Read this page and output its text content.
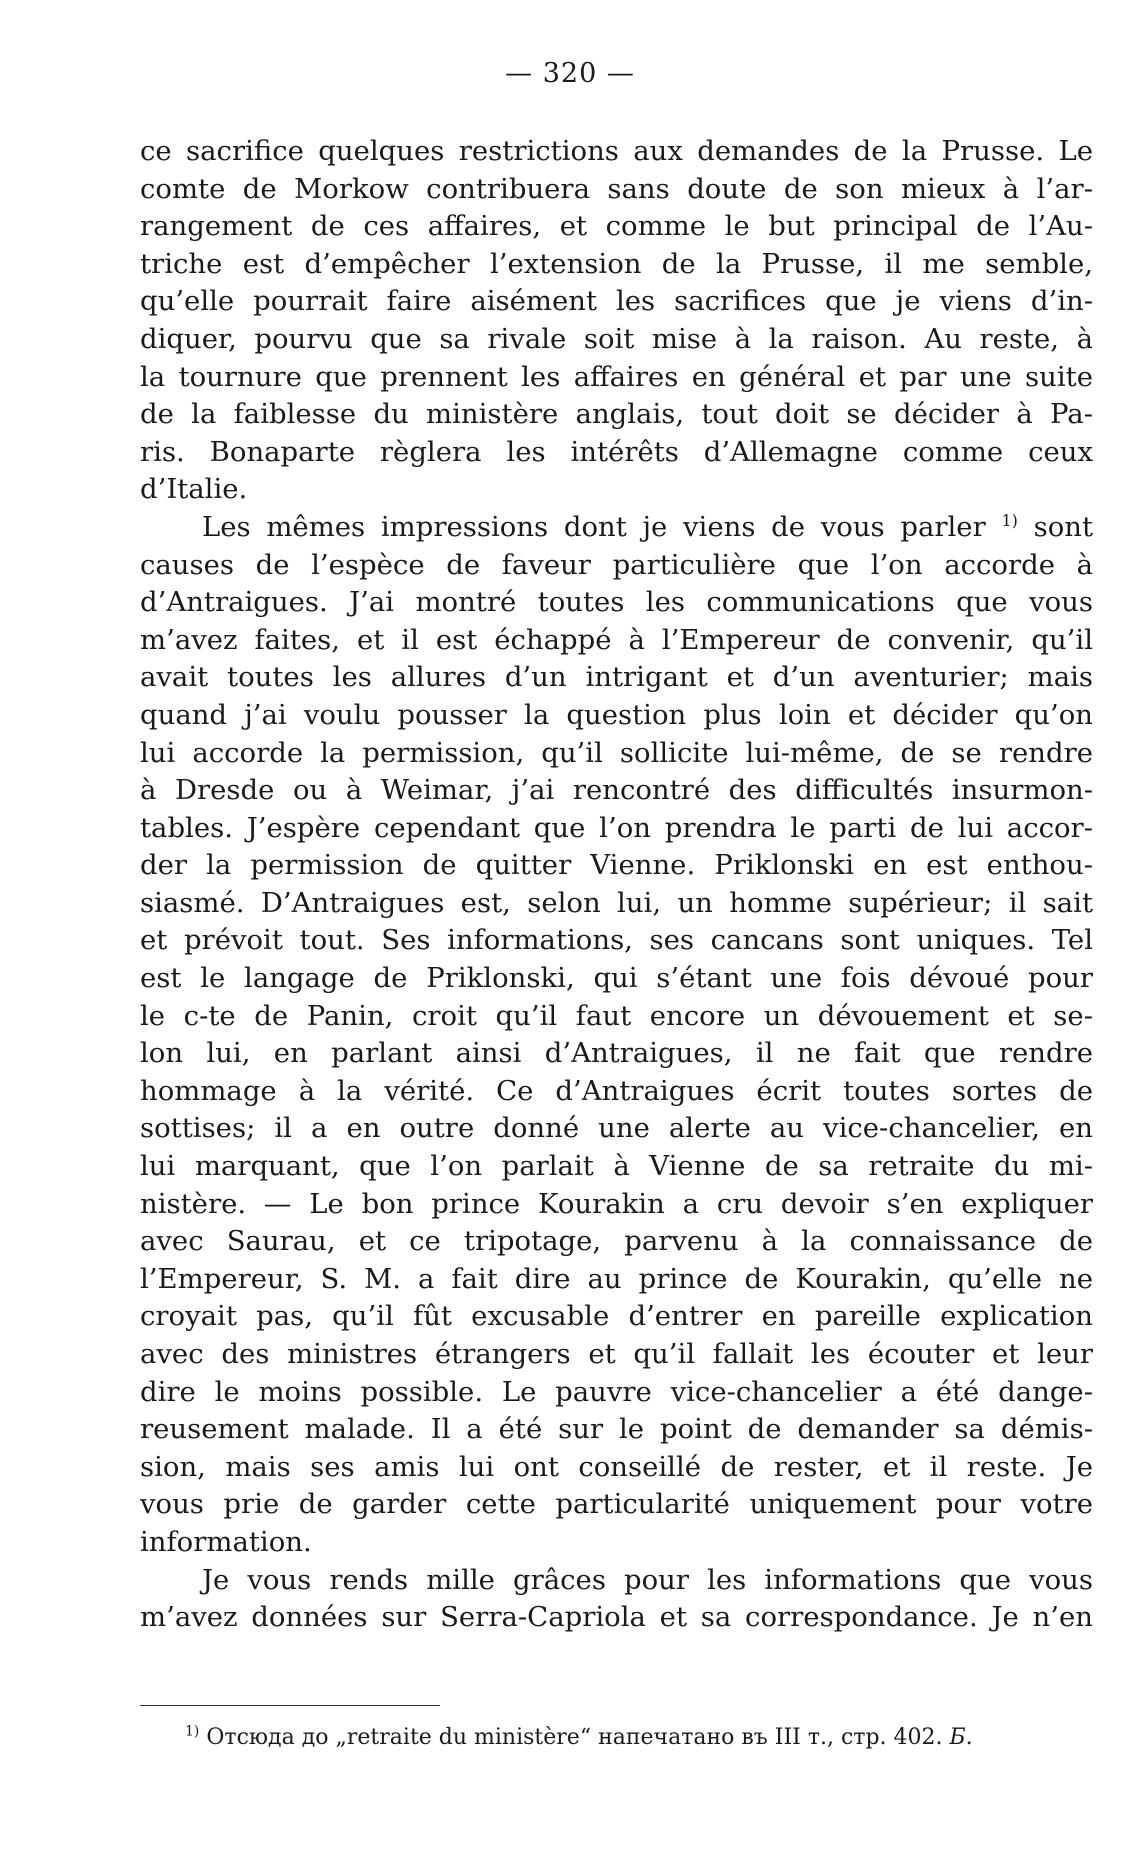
— 320 —
ce sacrifice quelques restrictions aux demandes de la Prusse. Le
comte de Morkow contribuera sans doute de son mieux à l’ar-
rangement de ces affaires, et comme le but principal de l’Au-
triche est d’empêcher l’extension de la Prusse, il me semble,
qu’elle pourrait faire aisément les sacrifices que je viens d’in-
diquer, pourvu que sa rivale soit mise à la raison. Au reste, à
la tournure que prennent les affaires en général et par une suite
de la faiblesse du ministère anglais, tout doit se décider à Pa-
ris. Bonaparte règlera les intérêts d’Allemagne comme ceux
d’Italie.
Les mêmes impressions dont je viens de vous parler $^{1)}$ sont
causes de l’espèce de faveur particulière que l’on accorde à
d’Antraigues. J’ai montré toutes les communications que vous
m’avez faites, et il est échappé à l’Empereur de convenir, qu’il
avait toutes les allures d’un intrigant et d’un aventurier; mais
quand j’ai voulu pousser la question plus loin et décider qu’on
lui accorde la permission, qu’il sollicite lui-même, de se rendre
à Dresde ou à Weimar, j’ai rencontré des difficultés insurmon-
tables. J’espère cependant que l’on prendra le parti de lui accor-
der la permission de quitter Vienne. Priklonski en est enthou-
siasmé. D’Antraigues est, selon lui, un homme supérieur; il sait
et prévoit tout. Ses informations, ses cancans sont uniques. Tel
est le langage de Priklonski, qui s’étant une fois dévoué pour
le c-te de Panin, croit qu’il faut encore un dévouement et se-
lon lui, en parlant ainsi d’Antraigues, il ne fait que rendre
hommage à la vérité. Ce d’Antraigues écrit toutes sortes de
sottises; il a en outre donné une alerte au vice-chancelier, en
lui marquant, que l’on parlait à Vienne de sa retraite du mi-
nistère. — Le bon prince Kourakin a cru devoir s’en expliquer
avec Saurau, et ce tripotage, parvenu à la connaissance de
l’Empereur, S. M. a fait dire au prince de Kourakin, qu’elle ne
croyait pas, qu’il fût excusable d’entrer en pareille explication
avec des ministres étrangers et qu’il fallait les écouter et leur
dire le moins possible. Le pauvre vice-chancelier a été dange-
reusement malade. Il a été sur le point de demander sa démis-
sion, mais ses amis lui ont conseillé de rester, et il reste. Je
vous prie de garder cette particularité uniquement pour votre
information.
Je vous rends mille grâces pour les informations que vous
m’avez données sur Serra-Capriola et sa correspondance. Je n’en
$^{1)}$ Отсюда до „retraite du ministère“ напечатано въ III т., стр. 402. Б.
